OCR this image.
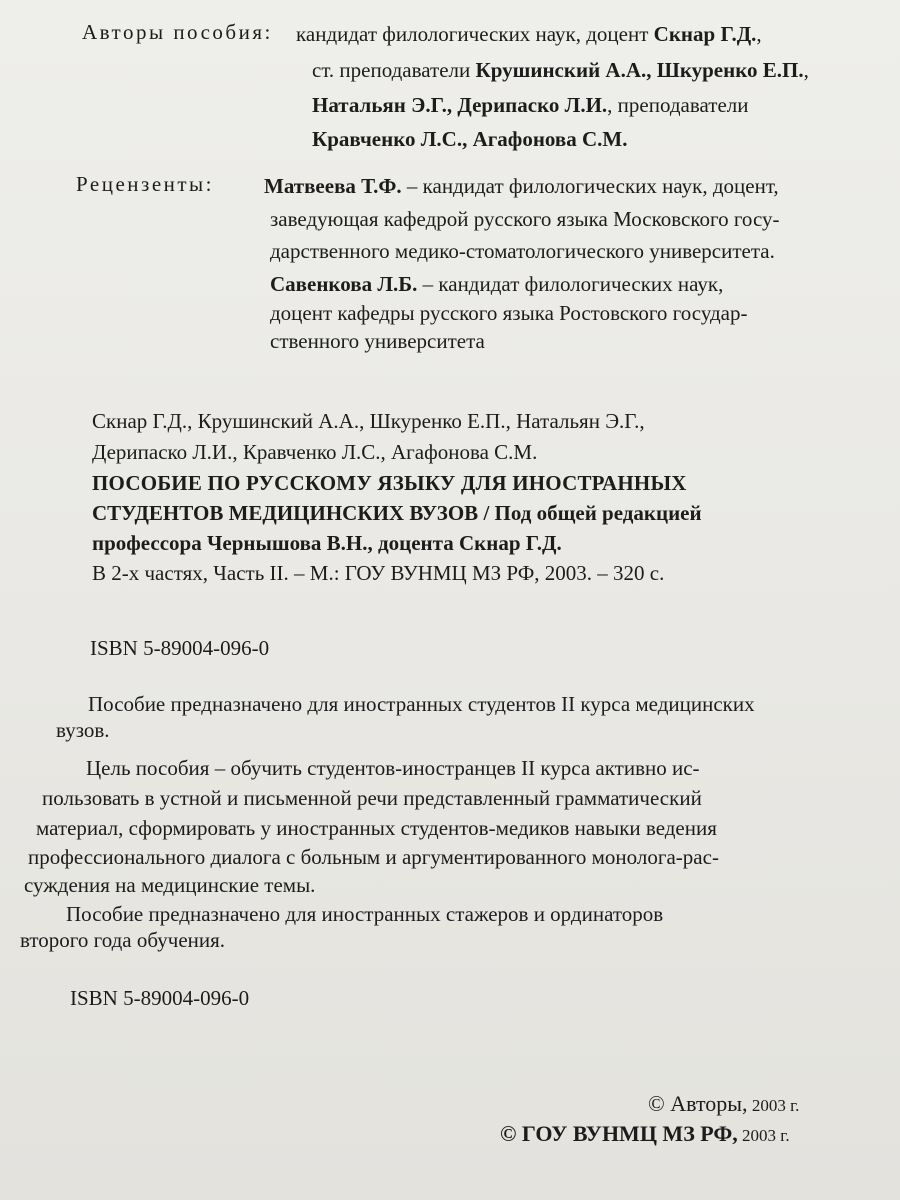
Авторы пособия: кандидат филологических наук, доцент Скнар Г.Д.,
ст. преподаватели Крушинский А.А., Шкуренко Е.П.,
Натальян Э.Г., Дерипаско Л.И., преподаватели
Кравченко Л.С., Агафонова С.М.
Рецензенты: Матвеева Т.Ф. – кандидат филологических наук, доцент,
заведующая кафедрой русского языка Московского госу-
дарственного медико-стоматологического университета.
Савенкова Л.Б. – кандидат филологических наук,
доцент кафедры русского языка Ростовского государ-
ственного университета
Скнар Г.Д., Крушинский А.А., Шкуренко Е.П., Натальян Э.Г.,
Дерипаско Л.И., Кравченко Л.С., Агафонова С.М.
ПОСОБИЕ ПО РУССКОМУ ЯЗЫКУ ДЛЯ ИНОСТРАННЫХ
СТУДЕНТОВ МЕДИЦИНСКИХ ВУЗОВ / Под общей редакцией
профессора Чернышова В.Н., доцента Скнар Г.Д.
В 2-х частях, Часть II. – М.: ГОУ ВУНМЦ МЗ РФ, 2003. – 320 с.
ISBN 5-89004-096-0
Пособие предназначено для иностранных студентов II курса медицинских
вузов.
Цель пособия – обучить студентов-иностранцев II курса активно ис-
пользовать в устной и письменной речи представленный грамматический
материал, сформировать у иностранных студентов-медиков навыки ведения
профессионального диалога с больным и аргументированного монолога-рас-
суждения на медицинские темы.
Пособие предназначено для иностранных стажеров и ординаторов
второго года обучения.
ISBN 5-89004-096-0
© Авторы, 2003 г.
© ГОУ ВУНМЦ МЗ РФ, 2003 г.
